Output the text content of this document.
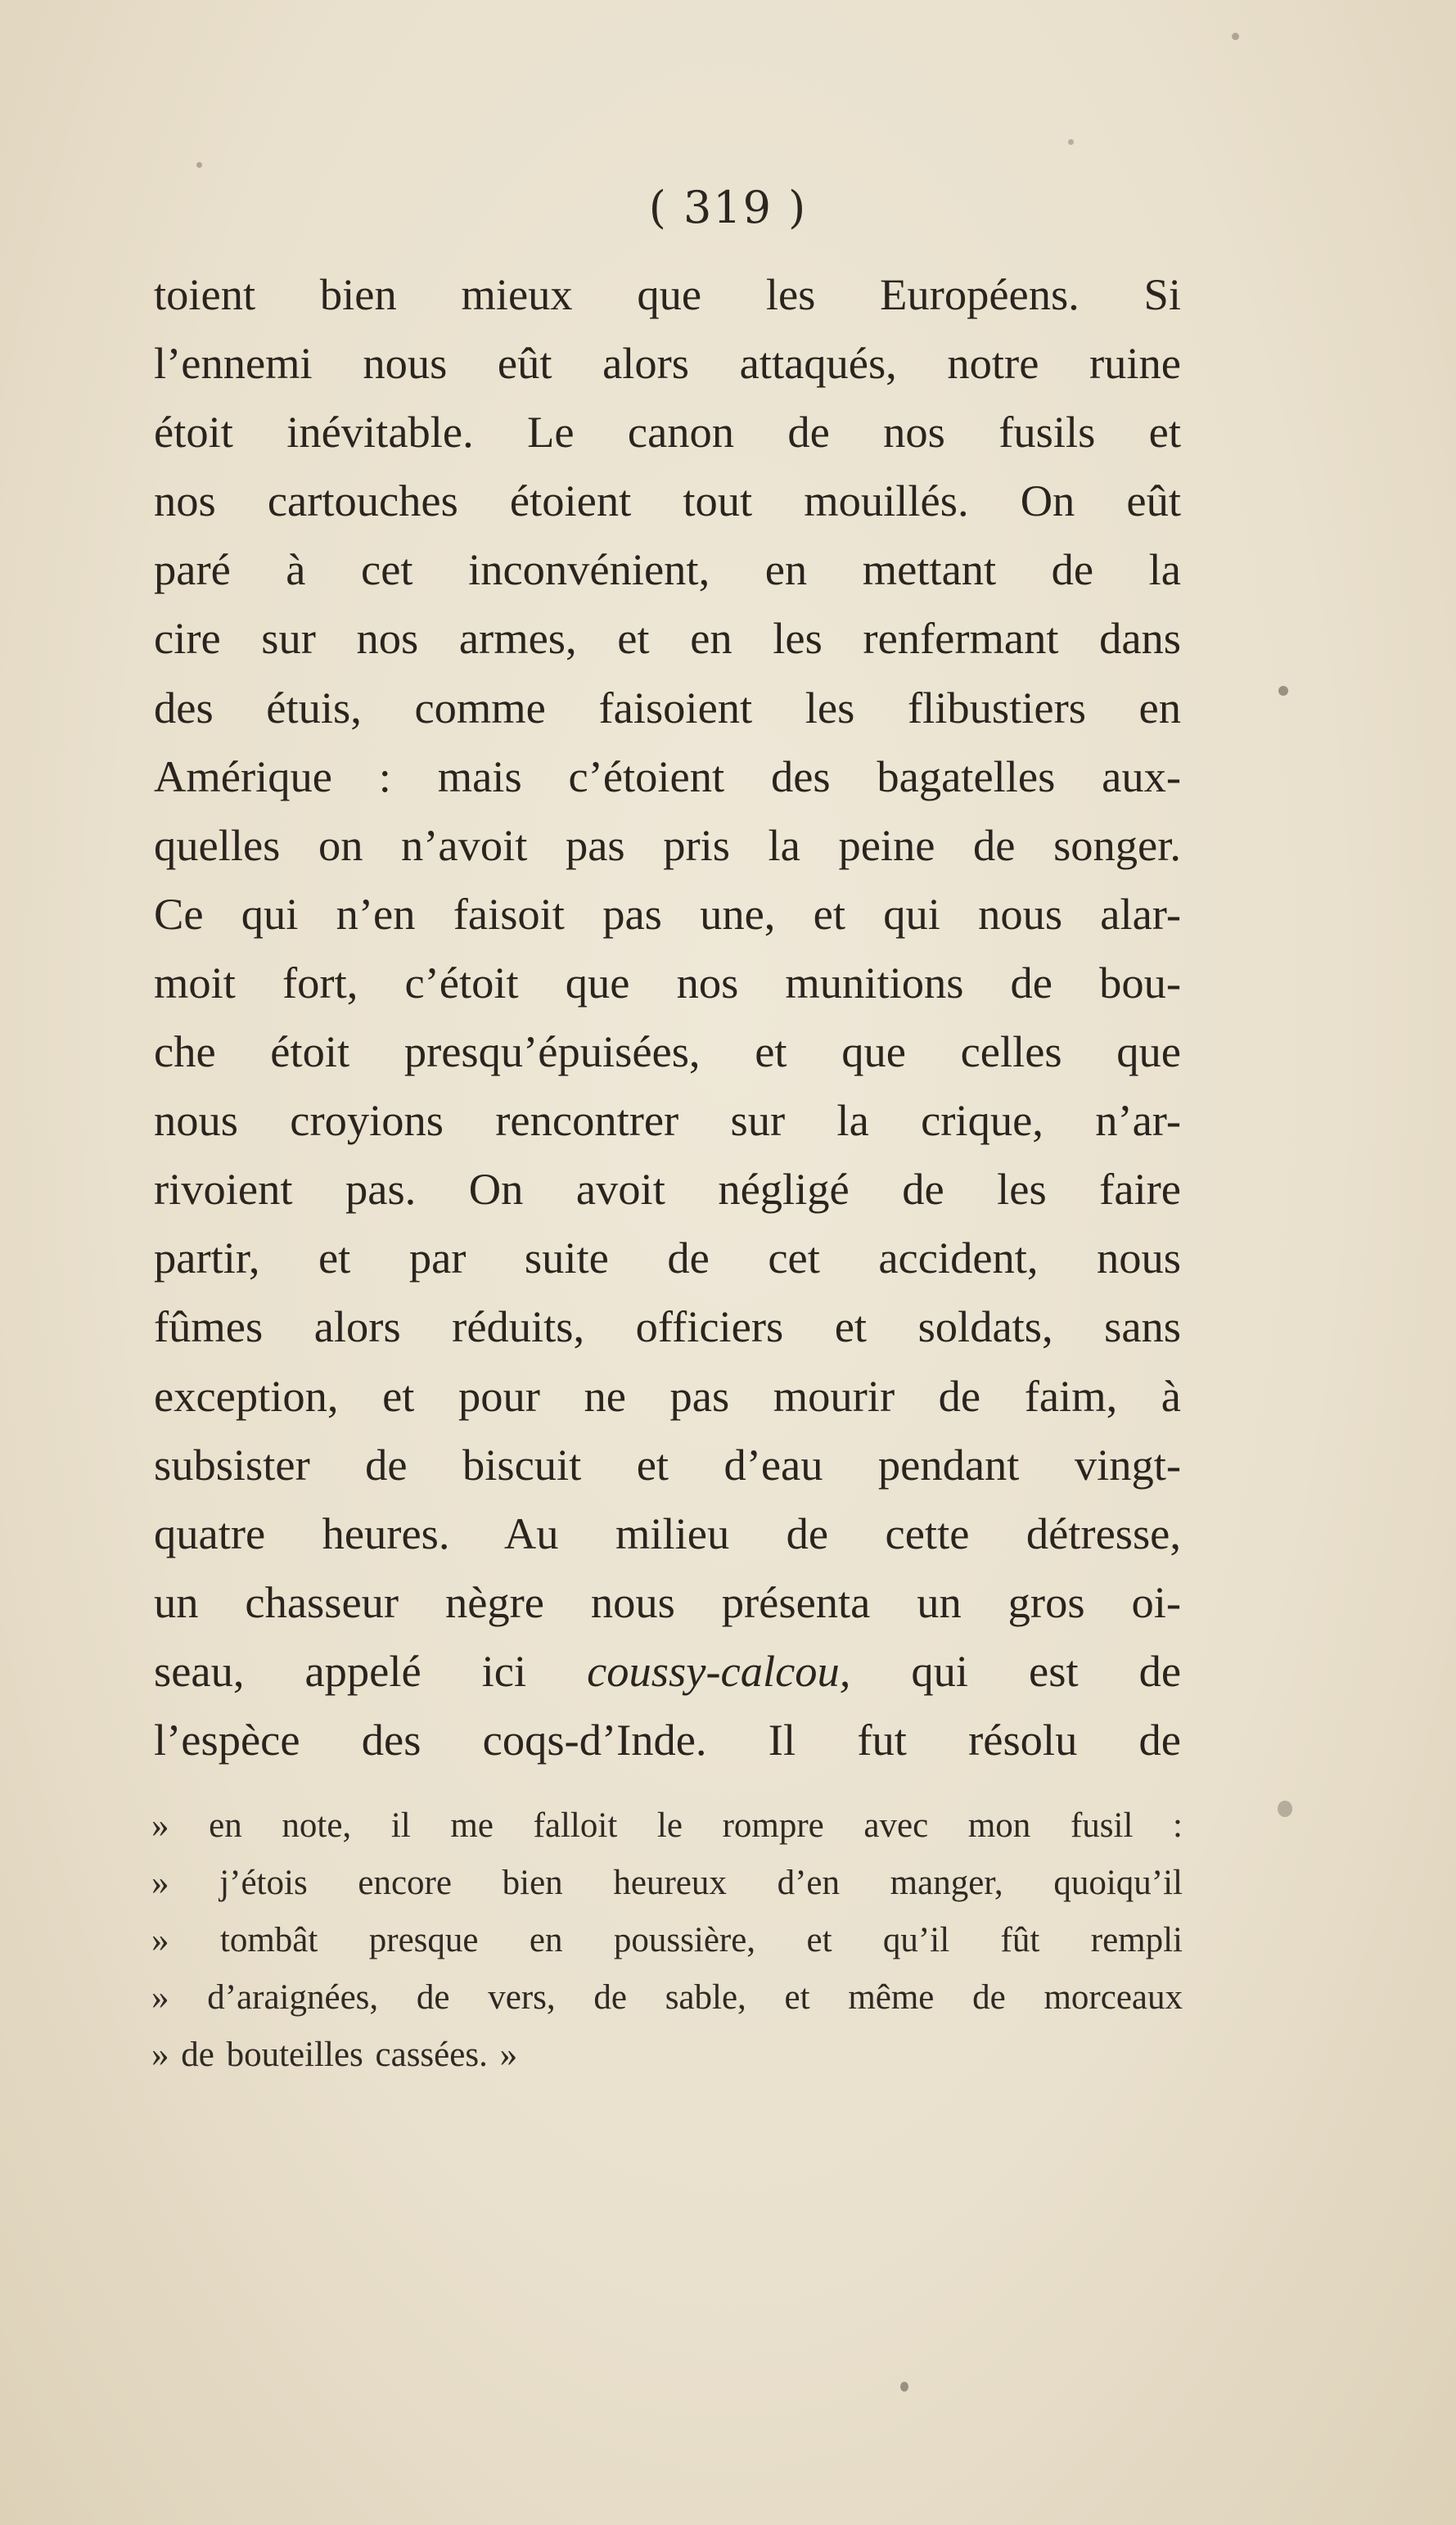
( 319 )
toient bien mieux que les Européens. Si
l’ennemi nous eût alors attaqués, notre ruine
étoit inévitable. Le canon de nos fusils et
nos cartouches étoient tout mouillés. On eût
paré à cet inconvénient, en mettant de la
cire sur nos armes, et en les renfermant dans
des étuis, comme faisoient les flibustiers en
Amérique : mais c’étoient des bagatelles aux-
quelles on n’avoit pas pris la peine de songer.
Ce qui n’en faisoit pas une, et qui nous alar-
moit fort, c’étoit que nos munitions de bou-
che étoit presqu’épuisées, et que celles que
nous croyions rencontrer sur la crique, n’ar-
rivoient pas. On avoit négligé de les faire
partir, et par suite de cet accident, nous
fûmes alors réduits, officiers et soldats, sans
exception, et pour ne pas mourir de faim, à
subsister de biscuit et d’eau pendant vingt-
quatre heures. Au milieu de cette détresse,
un chasseur nègre nous présenta un gros oi-
seau, appelé ici coussy-calcou, qui est de
l’espèce des coqs-d’Inde. Il fut résolu de
» en note, il me falloit le rompre avec mon fusil :
» j’étois encore bien heureux d’en manger, quoiqu’il
» tombât presque en poussière, et qu’il fût rempli
» d’araignées, de vers, de sable, et même de morceaux
» de bouteilles cassées. »
